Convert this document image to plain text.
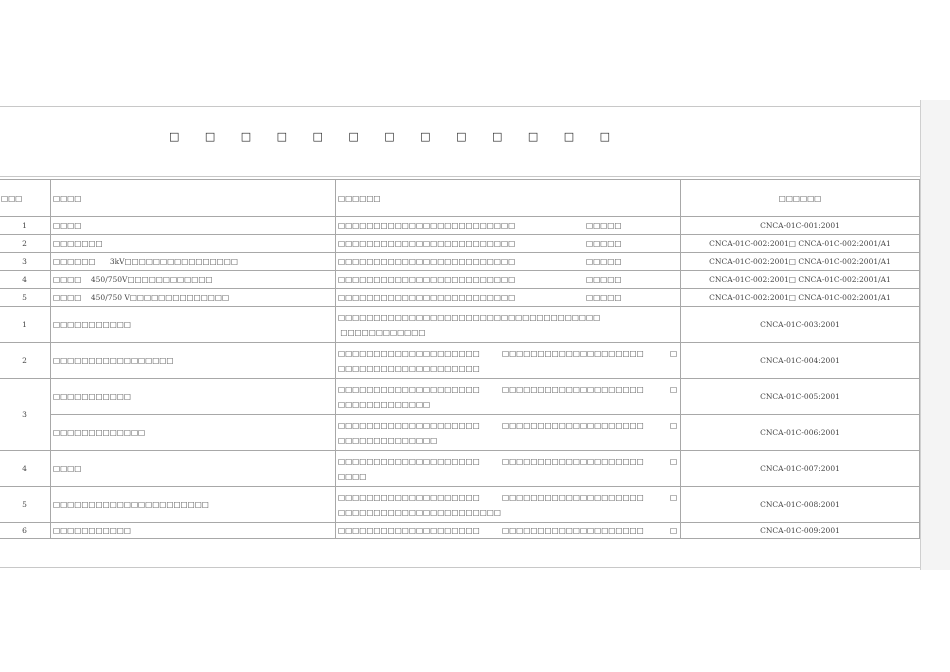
□ □ □ □ □ □ □ □ □ □ □ □ □
□□□	□□□□	□□□□□□	□□□□□□
1	□□□□	□□□□□□□□□□□□□□□□□□□□□□□□□ □□□□□	CNCA-01C-001:2001
2	□□□□□□□	□□□□□□□□□□□□□□□□□□□□□□□□□ □□□□□	CNCA-01C-002:2001□ CNCA-01C-002:2001/A1
3	□□□□□□      3kV□□□□□□□□□□□□□□□□	□□□□□□□□□□□□□□□□□□□□□□□□□ □□□□□	CNCA-01C-002:2001□ CNCA-01C-002:2001/A1
4	□□□□    450/750V□□□□□□□□□□□□	□□□□□□□□□□□□□□□□□□□□□□□□□ □□□□□	CNCA-01C-002:2001□ CNCA-01C-002:2001/A1
5	□□□□    450/750 V□□□□□□□□□□□□□□	□□□□□□□□□□□□□□□□□□□□□□□□□ □□□□□	CNCA-01C-002:2001□ CNCA-01C-002:2001/A1
1	□□□□□□□□□□□	□□□□□□□□□□□□□□□□□□□□□□□□□□□□□□□□□□□□□
□□□□□□□□□□□□	CNCA-01C-003:2001
2	□□□□□□□□□□□□□□□□□	□□□□□□□□□□□□□□□□□□□□ □□□□□□□□□□□□□□□□□□□□ □
□□□□□□□□□□□□□□□□□□□□	CNCA-01C-004:2001
3	□□□□□□□□□□□	□□□□□□□□□□□□□□□□□□□□ □□□□□□□□□□□□□□□□□□□□ □
□□□□□□□□□□□□□	CNCA-01C-005:2001
	□□□□□□□□□□□□□	□□□□□□□□□□□□□□□□□□□□ □□□□□□□□□□□□□□□□□□□□ □
□□□□□□□□□□□□□□	CNCA-01C-006:2001
4	□□□□	□□□□□□□□□□□□□□□□□□□□ □□□□□□□□□□□□□□□□□□□□ □
□□□□	CNCA-01C-007:2001
5	□□□□□□□□□□□□□□□□□□□□□□	□□□□□□□□□□□□□□□□□□□□ □□□□□□□□□□□□□□□□□□□□ □
□□□□□□□□□□□□□□□□□□□□□□□	CNCA-01C-008:2001
6	□□□□□□□□□□□	□□□□□□□□□□□□□□□□□□□□ □□□□□□□□□□□□□□□□□□□□ □	CNCA-01C-009:2001
